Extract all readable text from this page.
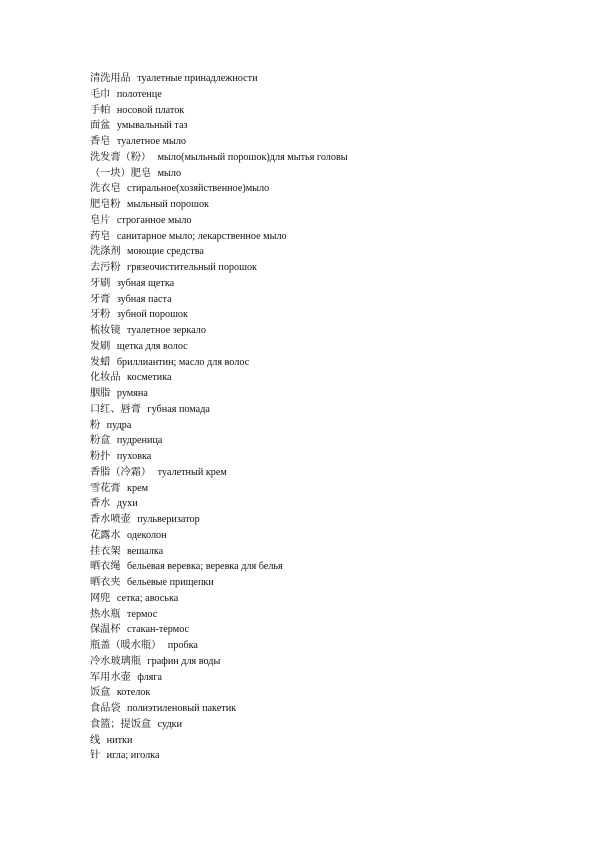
清洗用品 туалетные принадлежности
毛巾 полотенце
手帕 носовой платок
面盆 умывальный таз
香皂 туалетное мыло
洗发膏（粉） мыло(мыльный порошок)для мытья головы
（一块）肥皂 мыло
洗衣皂 стиральное(хозяйственное)мыло
肥皂粉 мыльный порошок
皂片 строганное мыло
药皂 санитарное мыло; лекарственное мыло
洗涤剂 моющие средства
去污粉 грязеочистительный порошок
牙刷 зубная щетка
牙膏 зубная паста
牙粉 зубной порошок
梳妆镜 туалетное зеркало
发刷 щетка для волос
发蜡 бриллиантин; масло для волос
化妆品 косметика
胭脂 румяна
口红、唇膏 губная помада
粉 пудра
粉盒 пудреница
粉扑 пуховка
香脂（冷霜） туалетный крем
雪花膏 крем
香水 духи
香水喷壶 пульверизатор
花露水 одеколон
挂衣架 вешалка
晒衣绳 бельевая веревка; веревка для белья
晒衣夹 бельевые прищепки
网兜 сетка; авоська
热水瓶 термос
保温杯 стакан-термос
瓶盖（暖水瓶） пробка
冷水玻璃瓶 графин для воды
军用水壶 фляга
饭盒 котелок
食品袋 полиэтиленовый пакетик
食篮；提饭盒 судки
线 нитки
针 игла; иголка
